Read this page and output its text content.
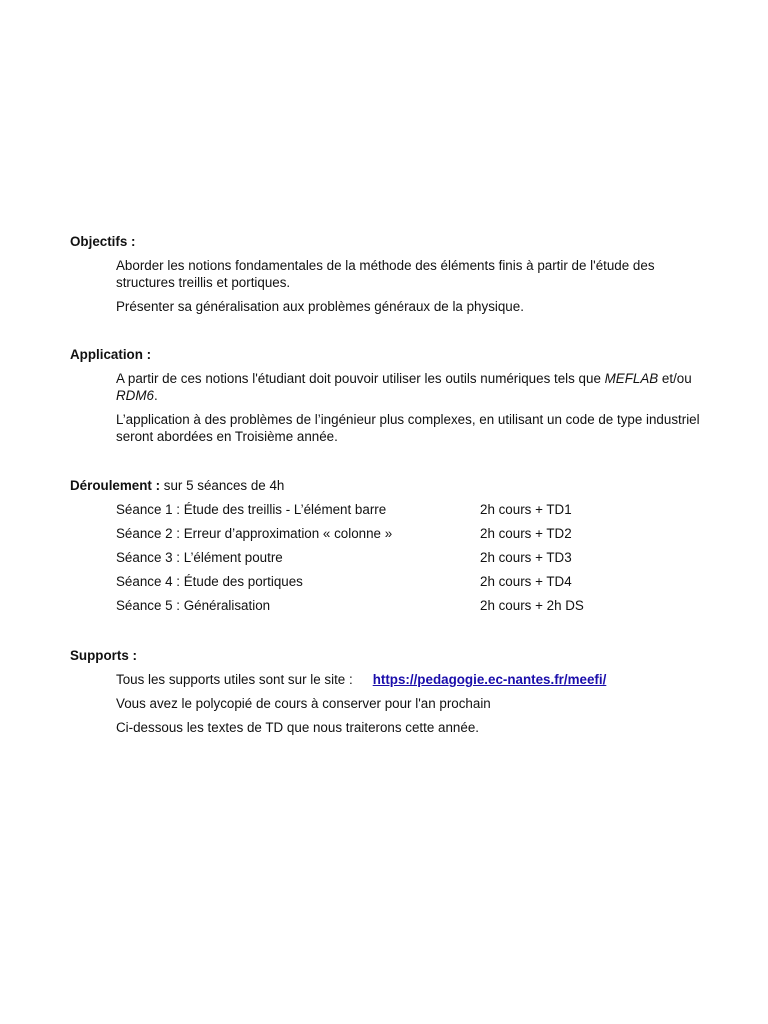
Objectifs :

Aborder les notions fondamentales de la méthode des éléments finis à partir de l'étude des structures treillis et portiques.

Présenter sa généralisation aux problèmes généraux de la physique.

Application :

A partir de ces notions l'étudiant doit pouvoir utiliser les outils numériques tels que MEFLAB et/ou RDM6.

L’application à des problèmes de l’ingénieur plus complexes, en utilisant un code de type industriel seront abordées en Troisième année.

Déroulement : sur 5 séances de 4h

Séance 1 : Étude des treillis - L’élément barre	2h cours + TD1
Séance 2 : Erreur d’approximation « colonne »	2h cours + TD2
Séance 3 : L’élément poutre	2h cours + TD3
Séance 4 : Étude des portiques	2h cours + TD4
Séance 5 : Généralisation	2h cours + 2h DS

Supports :

Tous les supports utiles sont sur le site : https://pedagogie.ec-nantes.fr/meefi/

Vous avez le polycopié de cours à conserver pour l'an prochain

Ci-dessous les textes de TD que nous traiterons cette année.
